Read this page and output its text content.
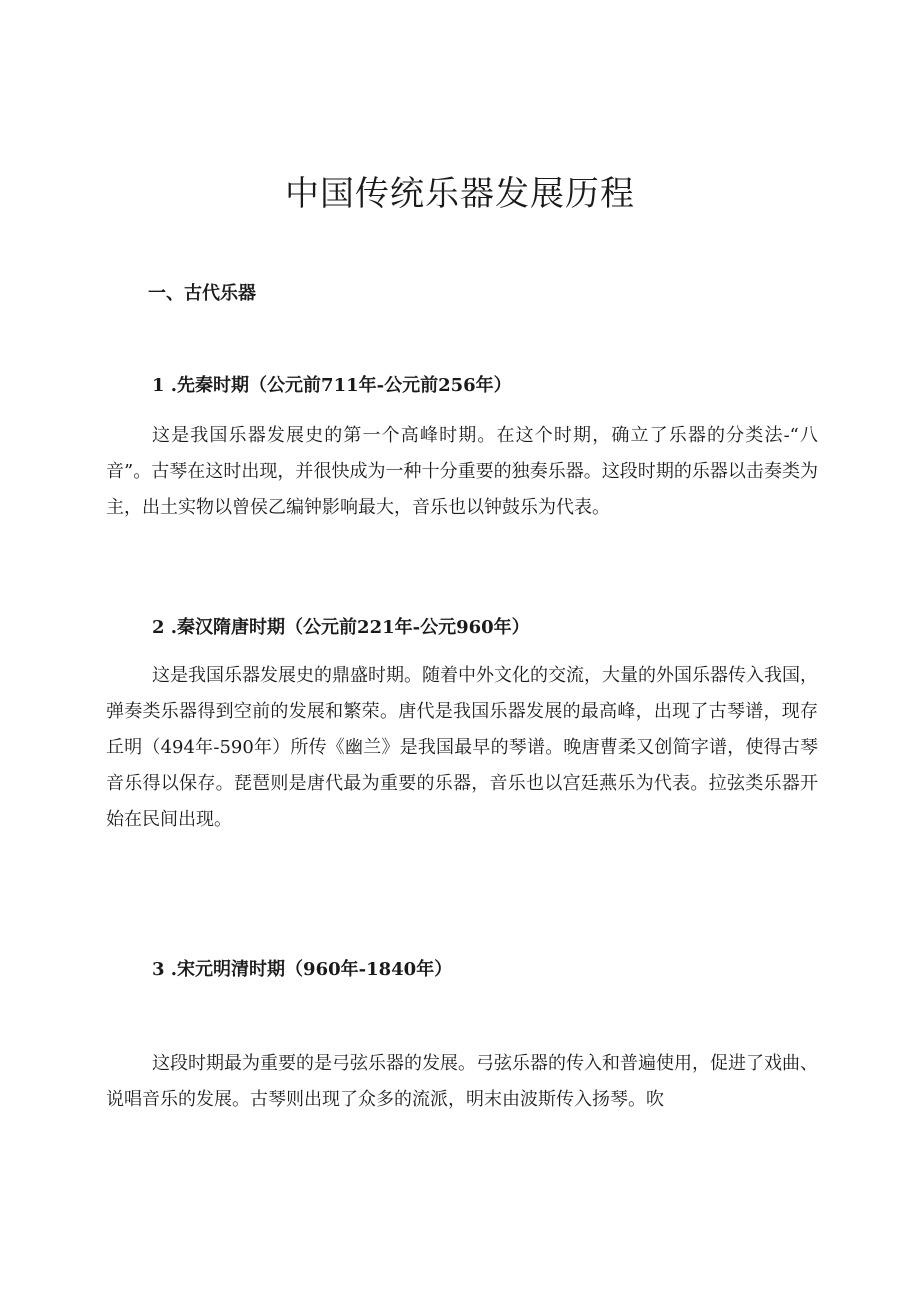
中国传统乐器发展历程
一、古代乐器
1 .先秦时期（公元前711年-公元前256年）

这是我国乐器发展史的第一个高峰时期。在这个时期，确立了乐器的分类法-“八音”。古琴在这时出现，并很快成为一种十分重要的独奏乐器。这段时期的乐器以击奏类为主，出土实物以曾侯乙编钟影响最大，音乐也以钟鼓乐为代表。

2 .秦汉隋唐时期（公元前221年-公元960年）

这是我国乐器发展史的鼎盛时期。随着中外文化的交流，大量的外国乐器传入我国，弹奏类乐器得到空前的发展和繁荣。唐代是我国乐器发展的最高峰，出现了古琴谱，现存丘明（494年-590年）所传《幽兰》是我国最早的琴谱。晚唐曹柔又创简字谱，使得古琴音乐得以保存。琵琶则是唐代最为重要的乐器，音乐也以宫廷燕乐为代表。拉弦类乐器开始在民间出现。

3 .宋元明清时期（960年-1840年）

这段时期最为重要的是弓弦乐器的发展。弓弦乐器的传入和普遍使用，促进了戏曲、说唱音乐的发展。古琴则出现了众多的流派，明末由波斯传入扬琴。吹
